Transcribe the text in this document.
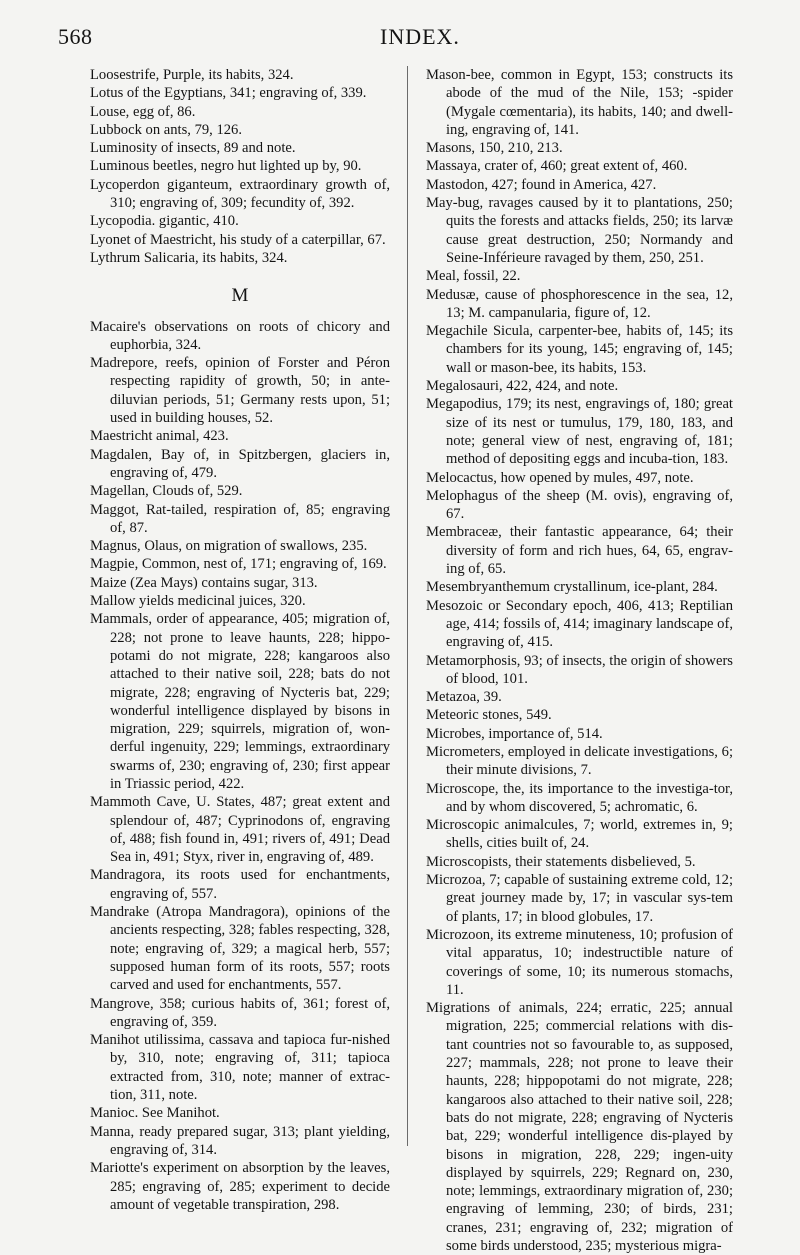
568	INDEX.

Loosestrife, Purple, its habits, 324.

Lotus of the Egyptians, 341; engraving of, 339.

Louse, egg of, 86.

Lubbock on ants, 79, 126.

Luminosity of insects, 89 and note.

Luminous beetles, negro hut lighted up by, 90.

Lycoperdon giganteum, extraordinary growth of, 310; engraving of, 309; fecundity of, 392.

Lycopodia. gigantic, 410.

Lyonet of Maestricht, his study of a caterpillar, 67.

Lythrum Salicaria, its habits, 324.

M

Macaire's observations on roots of chicory and euphorbia, 324.

Madrepore, reefs, opinion of Forster and Péron respecting rapidity of growth, 50; in ante-diluvian periods, 51; Germany rests upon, 51; used in building houses, 52.

Maestricht animal, 423.

Magdalen, Bay of, in Spitzbergen, glaciers in, engraving of, 479.

Magellan, Clouds of, 529.

Maggot, Rat-tailed, respiration of, 85; engraving of, 87.

Magnus, Olaus, on migration of swallows, 235.

Magpie, Common, nest of, 171; engraving of, 169.

Maize (Zea Mays) contains sugar, 313.

Mallow yields medicinal juices, 320.

Mammals, order of appearance, 405; migration of, 228; not prone to leave haunts, 228; hippo-potami do not migrate, 228; kangaroos also attached to their native soil, 228; bats do not migrate, 228; engraving of Nycteris bat, 229; wonderful intelligence displayed by bisons in migration, 229; squirrels, migration of, won-derful ingenuity, 229; lemmings, extraordinary swarms of, 230; engraving of, 230; first appear in Triassic period, 422.

Mammoth Cave, U. States, 487; great extent and splendour of, 487; Cyprinodons of, engraving of, 488; fish found in, 491; rivers of, 491; Dead Sea in, 491; Styx, river in, engraving of, 489.

Mandragora, its roots used for enchantments, engraving of, 557.

Mandrake (Atropa Mandragora), opinions of the ancients respecting, 328; fables respecting, 328, note; engraving of, 329; a magical herb, 557; supposed human form of its roots, 557; roots carved and used for enchantments, 557.

Mangrove, 358; curious habits of, 361; forest of, engraving of, 359.

Manihot utilissima, cassava and tapioca fur-nished by, 310, note; engraving of, 311; tapioca extracted from, 310, note; manner of extrac-tion, 311, note.

Manioc. See Manihot.

Manna, ready prepared sugar, 313; plant yielding, engraving of, 314.

Mariotte's experiment on absorption by the leaves, 285; engraving of, 285; experiment to decide amount of vegetable transpiration, 298.

Mason-bee, common in Egypt, 153; constructs its abode of the mud of the Nile, 153; -spider (Mygale cœmentaria), its habits, 140; and dwell-ing, engraving of, 141.

Masons, 150, 210, 213.

Massaya, crater of, 460; great extent of, 460.

Mastodon, 427; found in America, 427.

May-bug, ravages caused by it to plantations, 250; quits the forests and attacks fields, 250; its larvæ cause great destruction, 250; Normandy and Seine-Inférieure ravaged by them, 250, 251.

Meal, fossil, 22.

Medusæ, cause of phosphorescence in the sea, 12, 13; M. campanularia, figure of, 12.

Megachile Sicula, carpenter-bee, habits of, 145; its chambers for its young, 145; engraving of, 145; wall or mason-bee, its habits, 153.

Megalosauri, 422, 424, and note.

Megapodius, 179; its nest, engravings of, 180; great size of its nest or tumulus, 179, 180, 183, and note; general view of nest, engraving of, 181; method of depositing eggs and incuba-tion, 183.

Melocactus, how opened by mules, 497, note.

Melophagus of the sheep (M. ovis), engraving of, 67.

Membraceæ, their fantastic appearance, 64; their diversity of form and rich hues, 64, 65, engrav-ing of, 65.

Mesembryanthemum crystallinum, ice-plant, 284.

Mesozoic or Secondary epoch, 406, 413; Reptilian age, 414; fossils of, 414; imaginary landscape of, engraving of, 415.

Metamorphosis, 93; of insects, the origin of showers of blood, 101.

Metazoa, 39.

Meteoric stones, 549.

Microbes, importance of, 514.

Micrometers, employed in delicate investigations, 6; their minute divisions, 7.

Microscope, the, its importance to the investiga-tor, and by whom discovered, 5; achromatic, 6.

Microscopic animalcules, 7; world, extremes in, 9; shells, cities built of, 24.

Microscopists, their statements disbelieved, 5.

Microzoa, 7; capable of sustaining extreme cold, 12; great journey made by, 17; in vascular sys-tem of plants, 17; in blood globules, 17.

Microzoon, its extreme minuteness, 10; profusion of vital apparatus, 10; indestructible nature of coverings of some, 10; its numerous stomachs, 11.

Migrations of animals, 224; erratic, 225; annual migration, 225; commercial relations with dis-tant countries not so favourable to, as supposed, 227; mammals, 228; not prone to leave their haunts, 228; hippopotami do not migrate, 228; kangaroos also attached to their native soil, 228; bats do not migrate, 228; engraving of Nycteris bat, 229; wonderful intelligence dis-played by bisons in migration, 228, 229; ingen-uity displayed by squirrels, 229; Regnard on, 230, note; lemmings, extraordinary migration of, 230; engraving of lemming, 230; of birds, 231; cranes, 231; engraving of, 232; migration of some birds understood, 235; mysterious migra-
